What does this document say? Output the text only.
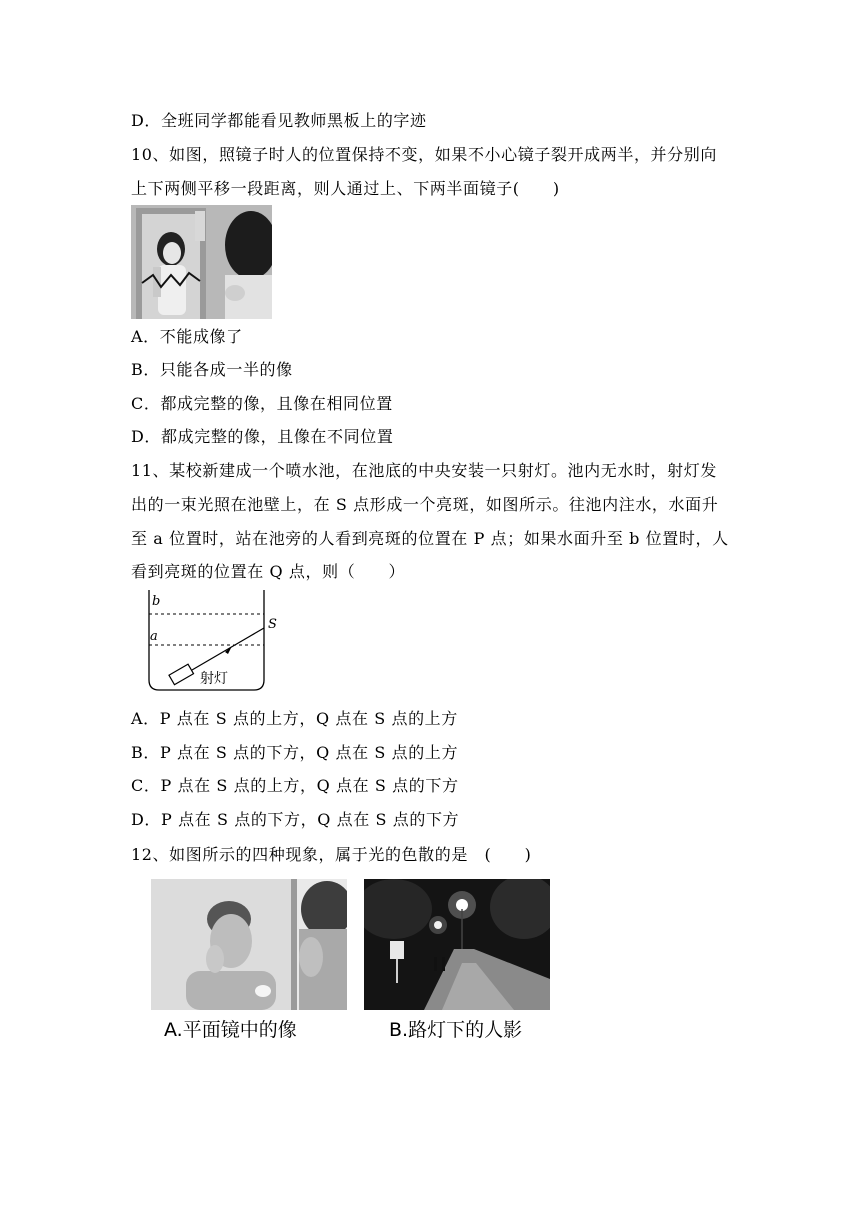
D．全班同学都能看见教师黑板上的字迹
10、如图，照镜子时人的位置保持不变，如果不小心镜子裂开成两半，并分别向
上下两侧平移一段距离，则人通过上、下两半面镜子(　　)
A．不能成像了
B．只能各成一半的像
C．都成完整的像，且像在相同位置
D．都成完整的像，且像在不同位置
11、某校新建成一个喷水池，在池底的中央安装一只射灯。池内无水时，射灯发
出的一束光照在池壁上，在 S 点形成一个亮斑，如图所示。往池内注水，水面升
至 a 位置时，站在池旁的人看到亮斑的位置在 P 点；如果水面升至 b 位置时，人
看到亮斑的位置在 Q 点，则（　　）
b
a
S
射灯
A．P 点在 S 点的上方，Q 点在 S 点的上方
B．P 点在 S 点的下方，Q 点在 S 点的上方
C．P 点在 S 点的上方，Q 点在 S 点的下方
D．P 点在 S 点的下方，Q 点在 S 点的下方
12、如图所示的四种现象，属于光的色散的是　(　　)
A.平面镜中的像	B.路灯下的人影
